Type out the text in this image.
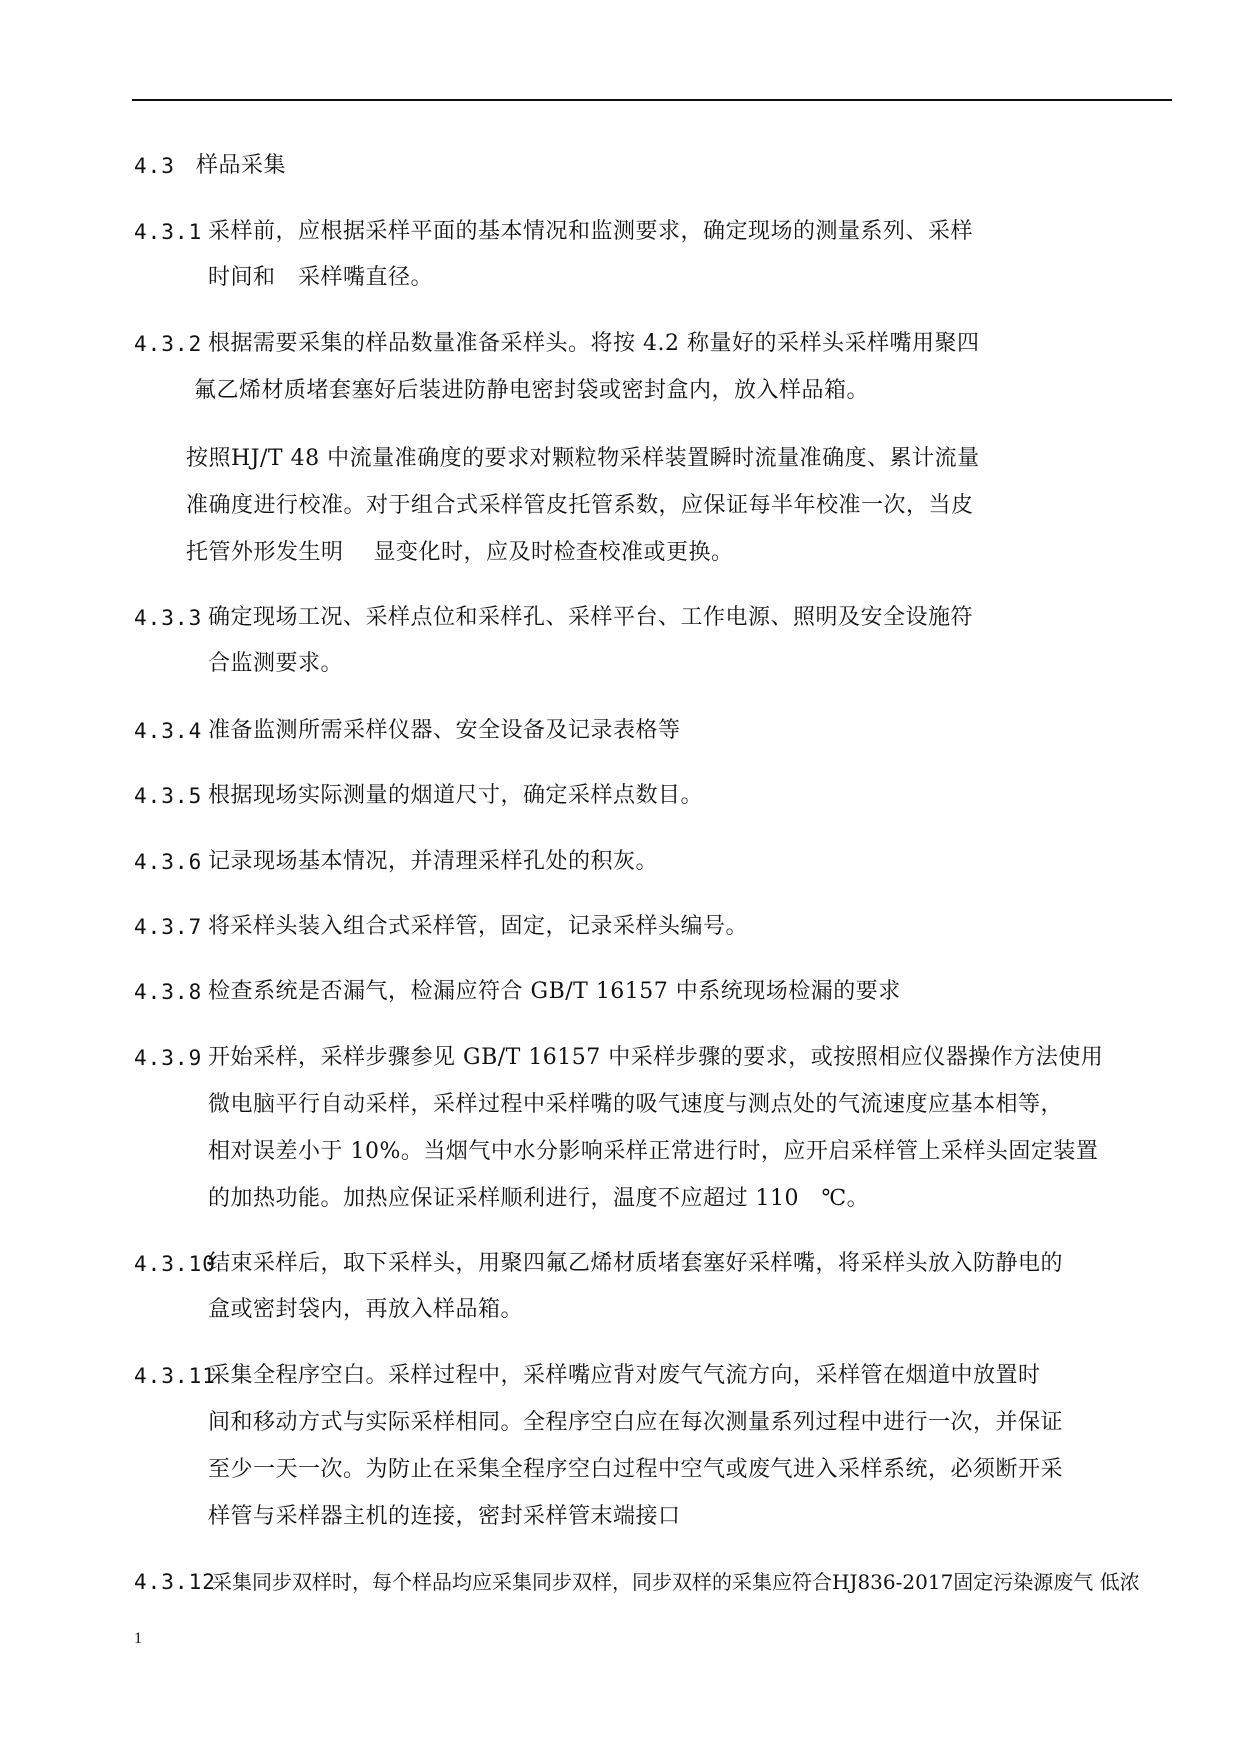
4.3 样品采集
4.3.1 采样前，应根据采样平面的基本情况和监测要求，确定现场的测量系列、采样
时间和　采样嘴直径。
4.3.2 根据需要采集的样品数量准备采样头。将按 4.2 称量好的采样头采样嘴用聚四
氟乙烯材质堵套塞好后装进防静电密封袋或密封盒内，放入样品箱。
按照HJ/T 48 中流量准确度的要求对颗粒物采样装置瞬时流量准确度、累计流量
准确度进行校准。对于组合式采样管皮托管系数，应保证每半年校准一次，当皮
托管外形发生明　 显变化时，应及时检查校准或更换。
4.3.3 确定现场工况、采样点位和采样孔、采样平台、工作电源、照明及安全设施符
合监测要求。
4.3.4 准备监测所需采样仪器、安全设备及记录表格等
4.3.5 根据现场实际测量的烟道尺寸，确定采样点数目。
4.3.6 记录现场基本情况，并清理采样孔处的积灰。
4.3.7 将采样头装入组合式采样管，固定，记录采样头编号。
4.3.8 检查系统是否漏气，检漏应符合 GB/T 16157 中系统现场检漏的要求
4.3.9 开始采样，采样步骤参见 GB/T 16157 中采样步骤的要求，或按照相应仪器操作方法使用
微电脑平行自动采样，采样过程中采样嘴的吸气速度与测点处的气流速度应基本相等，
相对误差小于 10%。当烟气中水分影响采样正常进行时，应开启采样管上采样头固定装置
的加热功能。加热应保证采样顺利进行，温度不应超过 110　℃。
4.3.10
结束采样后，取下采样头，用聚四氟乙烯材质堵套塞好采样嘴，将采样头放入防静电的
盒或密封袋内，再放入样品箱。
4.3.11
采集全程序空白。采样过程中，采样嘴应背对废气气流方向，采样管在烟道中放置时
间和移动方式与实际采样相同。全程序空白应在每次测量系列过程中进行一次，并保证
至少一天一次。为防止在采集全程序空白过程中空气或废气进入采样系统，必须断开采
样管与采样器主机的连接，密封采样管末端接口
4.3.12
采集同步双样时，每个样品均应采集同步双样，同步双样的采集应符合HJ836-2017固定污染源废气 低浓
1
